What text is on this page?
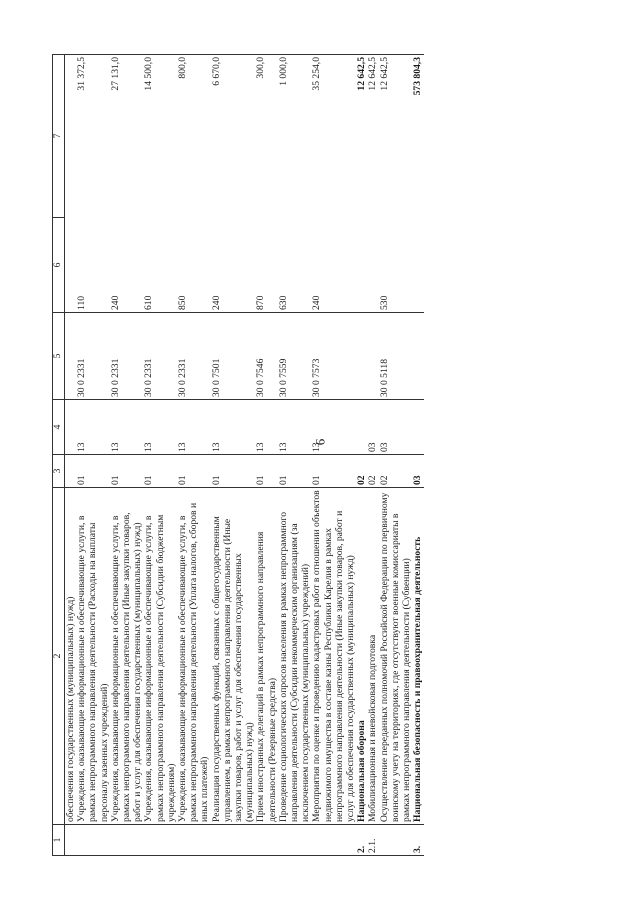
9
1	2	3	4	5	6	7
	обеспечения государственных (муниципальных) нужд)					
	Учреждения, оказывающие информационные и обеспечивающие услуги, в рамках непрограммного направления деятельности (Расходы на выплаты персоналу казенных учреждений)	01	13	30 0 2331	110	31 372,5
	Учреждения, оказывающие информационные и обеспечивающие услуги, в рамках непрограммного направления деятельности (Иные закупки товаров, работ и услуг для обеспечения государственных (муниципальных) нужд)	01	13	30 0 2331	240	27 131,0
	Учреждения, оказывающие информационные и обеспечивающие услуги, в рамках непрограммного направления деятельности (Субсидии бюджетным учреждениям)	01	13	30 0 2331	610	14 500,0
	Учреждения, оказывающие информационные и обеспечивающие услуги, в рамках непрограммного направления деятельности (Уплата налогов, сборов и иных платежей)	01	13	30 0 2331	850	800,0
	Реализация государственных функций, связанных с общегосударственным управлением, в рамках непрограммного направления деятельности (Иные закупки товаров, работ и услуг для обеспечения государственных (муниципальных) нужд)	01	13	30 0 7501	240	6 670,0
	Прием иностранных делегаций в рамках непрограммного направления деятельности (Резервные средства)	01	13	30 0 7546	870	300,0
	Проведение социологических опросов населения в рамках непрограммного направления деятельности (Субсидии некоммерческим организациям (за исключением государственных (муниципальных) учреждений)	01	13	30 0 7559	630	1 000,0
	Мероприятия по оценке и проведению кадастровых работ в отношении объектов недвижимого имущества в составе казны Республики Карелия в рамках непрограммного направления деятельности (Иные закупки товаров, работ и услуг для обеспечения государственных (муниципальных) нужд)	01	13	30 0 7573	240	35 254,0
2.	Национальная оборона	02				12 642,5
2.1.	Мобилизационная и вневойсковая подготовка	02	03			12 642,5
	Осуществление переданных полномочий Российской Федерации по первичному воинскому учету на территориях, где отсутствуют военные комиссариаты в рамках непрограммного направления деятельности (Субвенции)	02	03	30 0 5118	530	12 642,5
3.	Национальная безопасность и правоохранительная деятельность	03				573 804,3
